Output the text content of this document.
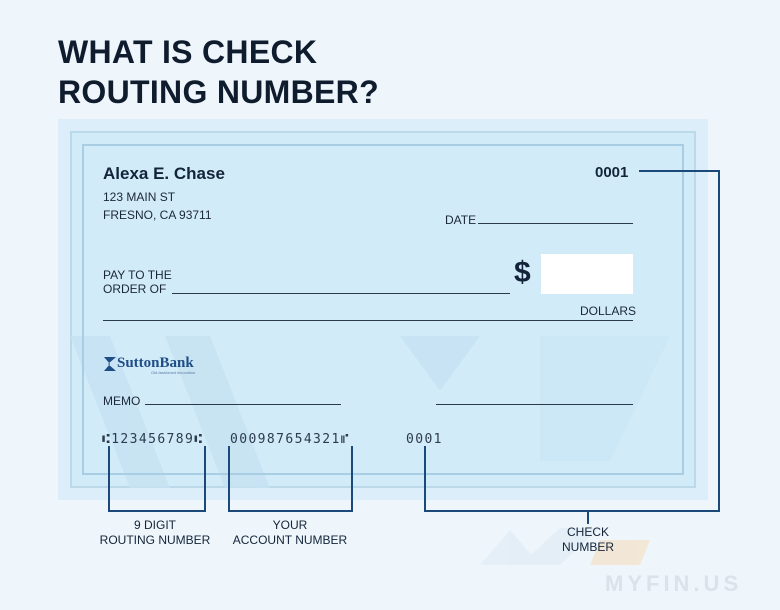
WHAT IS CHECK
ROUTING NUMBER?
Alexa E. Chase
123 MAIN ST
FRESNO, CA 93711
0001
DATE
PAY TO THE
ORDER OF	$
DOLLARS
SuttonBank
Old-fashioned innovation
MEMO
⑆123456789⑆ 000987654321⑈	0001
9 DIGIT
ROUTING NUMBER
YOUR
ACCOUNT NUMBER
CHECK
NUMBER
MYFIN.US
